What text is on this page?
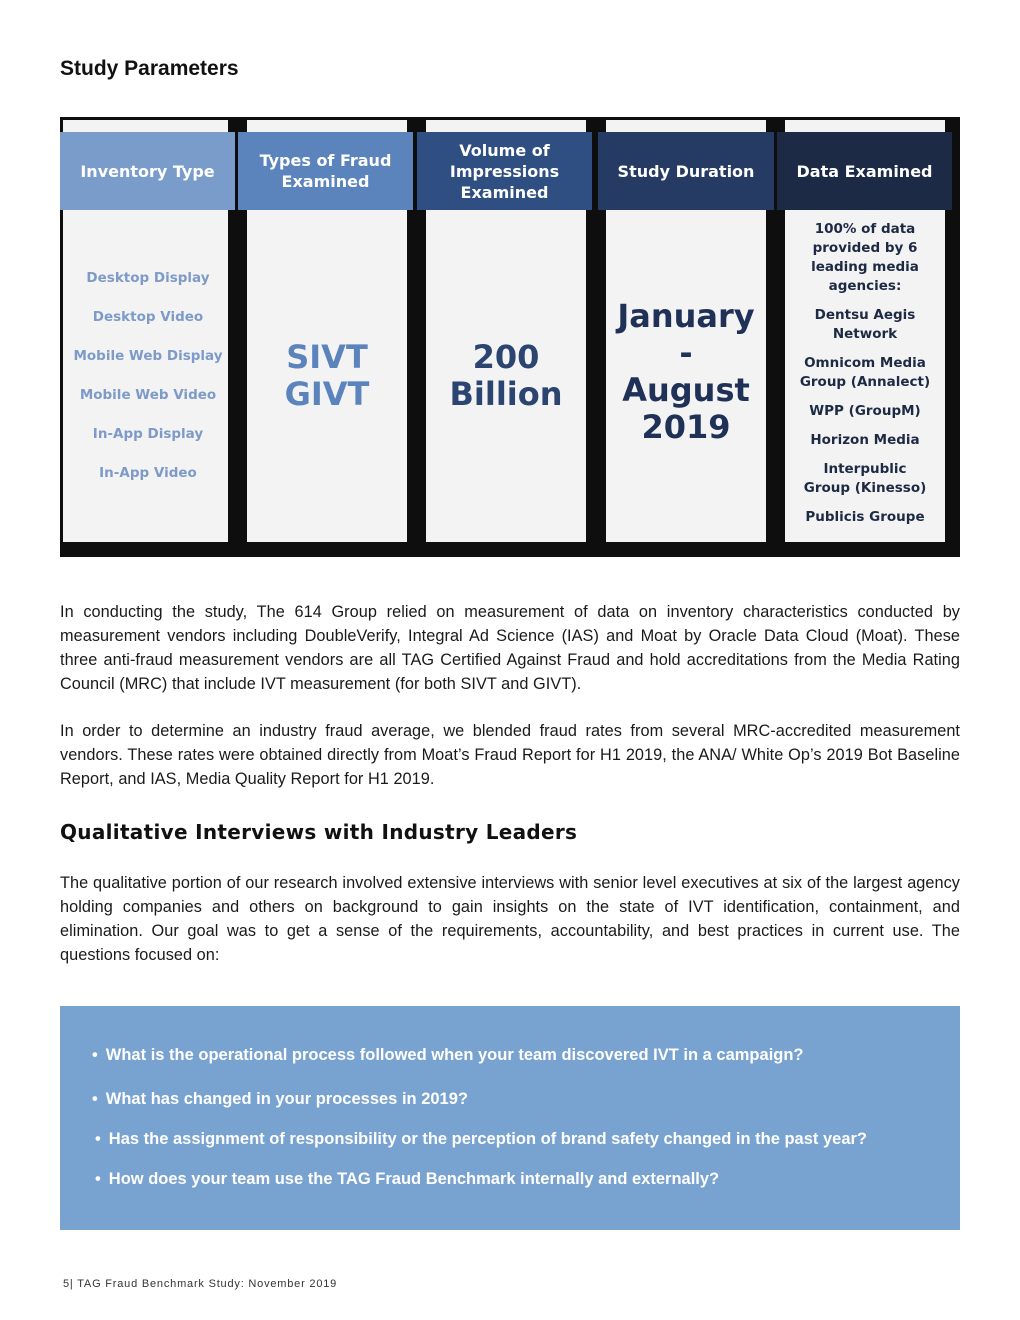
Study Parameters
Inventory Type
Desktop Display
Desktop Video
Mobile Web Display
Mobile Web Video
In-App Display
In-App Video
Types of Fraud Examined

SIVT

GIVT

Volume of Impressions Examined

200

Billion

Study Duration

January -

August

2019

Data Examined
100% of data provided by 6 leading media agencies:
Dentsu Aegis Network
Omnicom Media Group (Annalect)
WPP (GroupM)
Horizon Media
Interpublic Group (Kinesso)
Publicis Groupe

In conducting the study, The 614 Group relied on measurement of data on inventory characteristics conducted by measurement vendors including DoubleVerify, Integral Ad Science (IAS) and Moat by Oracle Data Cloud (Moat). These three anti-fraud measurement vendors are all TAG Certified Against Fraud and hold accreditations from the Media Rating Council (MRC) that include IVT measurement (for both SIVT and GIVT).

In order to determine an industry fraud average, we blended fraud rates from several MRC-accredited measurement vendors. These rates were obtained directly from Moat’s Fraud Report for H1 2019, the ANA/ White Op’s 2019 Bot Baseline Report, and IAS, Media Quality Report for H1 2019.

Qualitative Interviews with Industry Leaders

The qualitative portion of our research involved extensive interviews with senior level executives at six of the largest agency holding companies and others on background to gain insights on the state of IVT identification, containment, and elimination. Our goal was to get a sense of the requirements, accountability, and best practices in current use. The questions focused on:

• What is the operational process followed when your team discovered IVT in a campaign?
• What has changed in your processes in 2019?
• Has the assignment of responsibility or the perception of brand safety changed in the past year?
• How does your team use the TAG Fraud Benchmark internally and externally?
5| TAG Fraud Benchmark Study: November 2019
